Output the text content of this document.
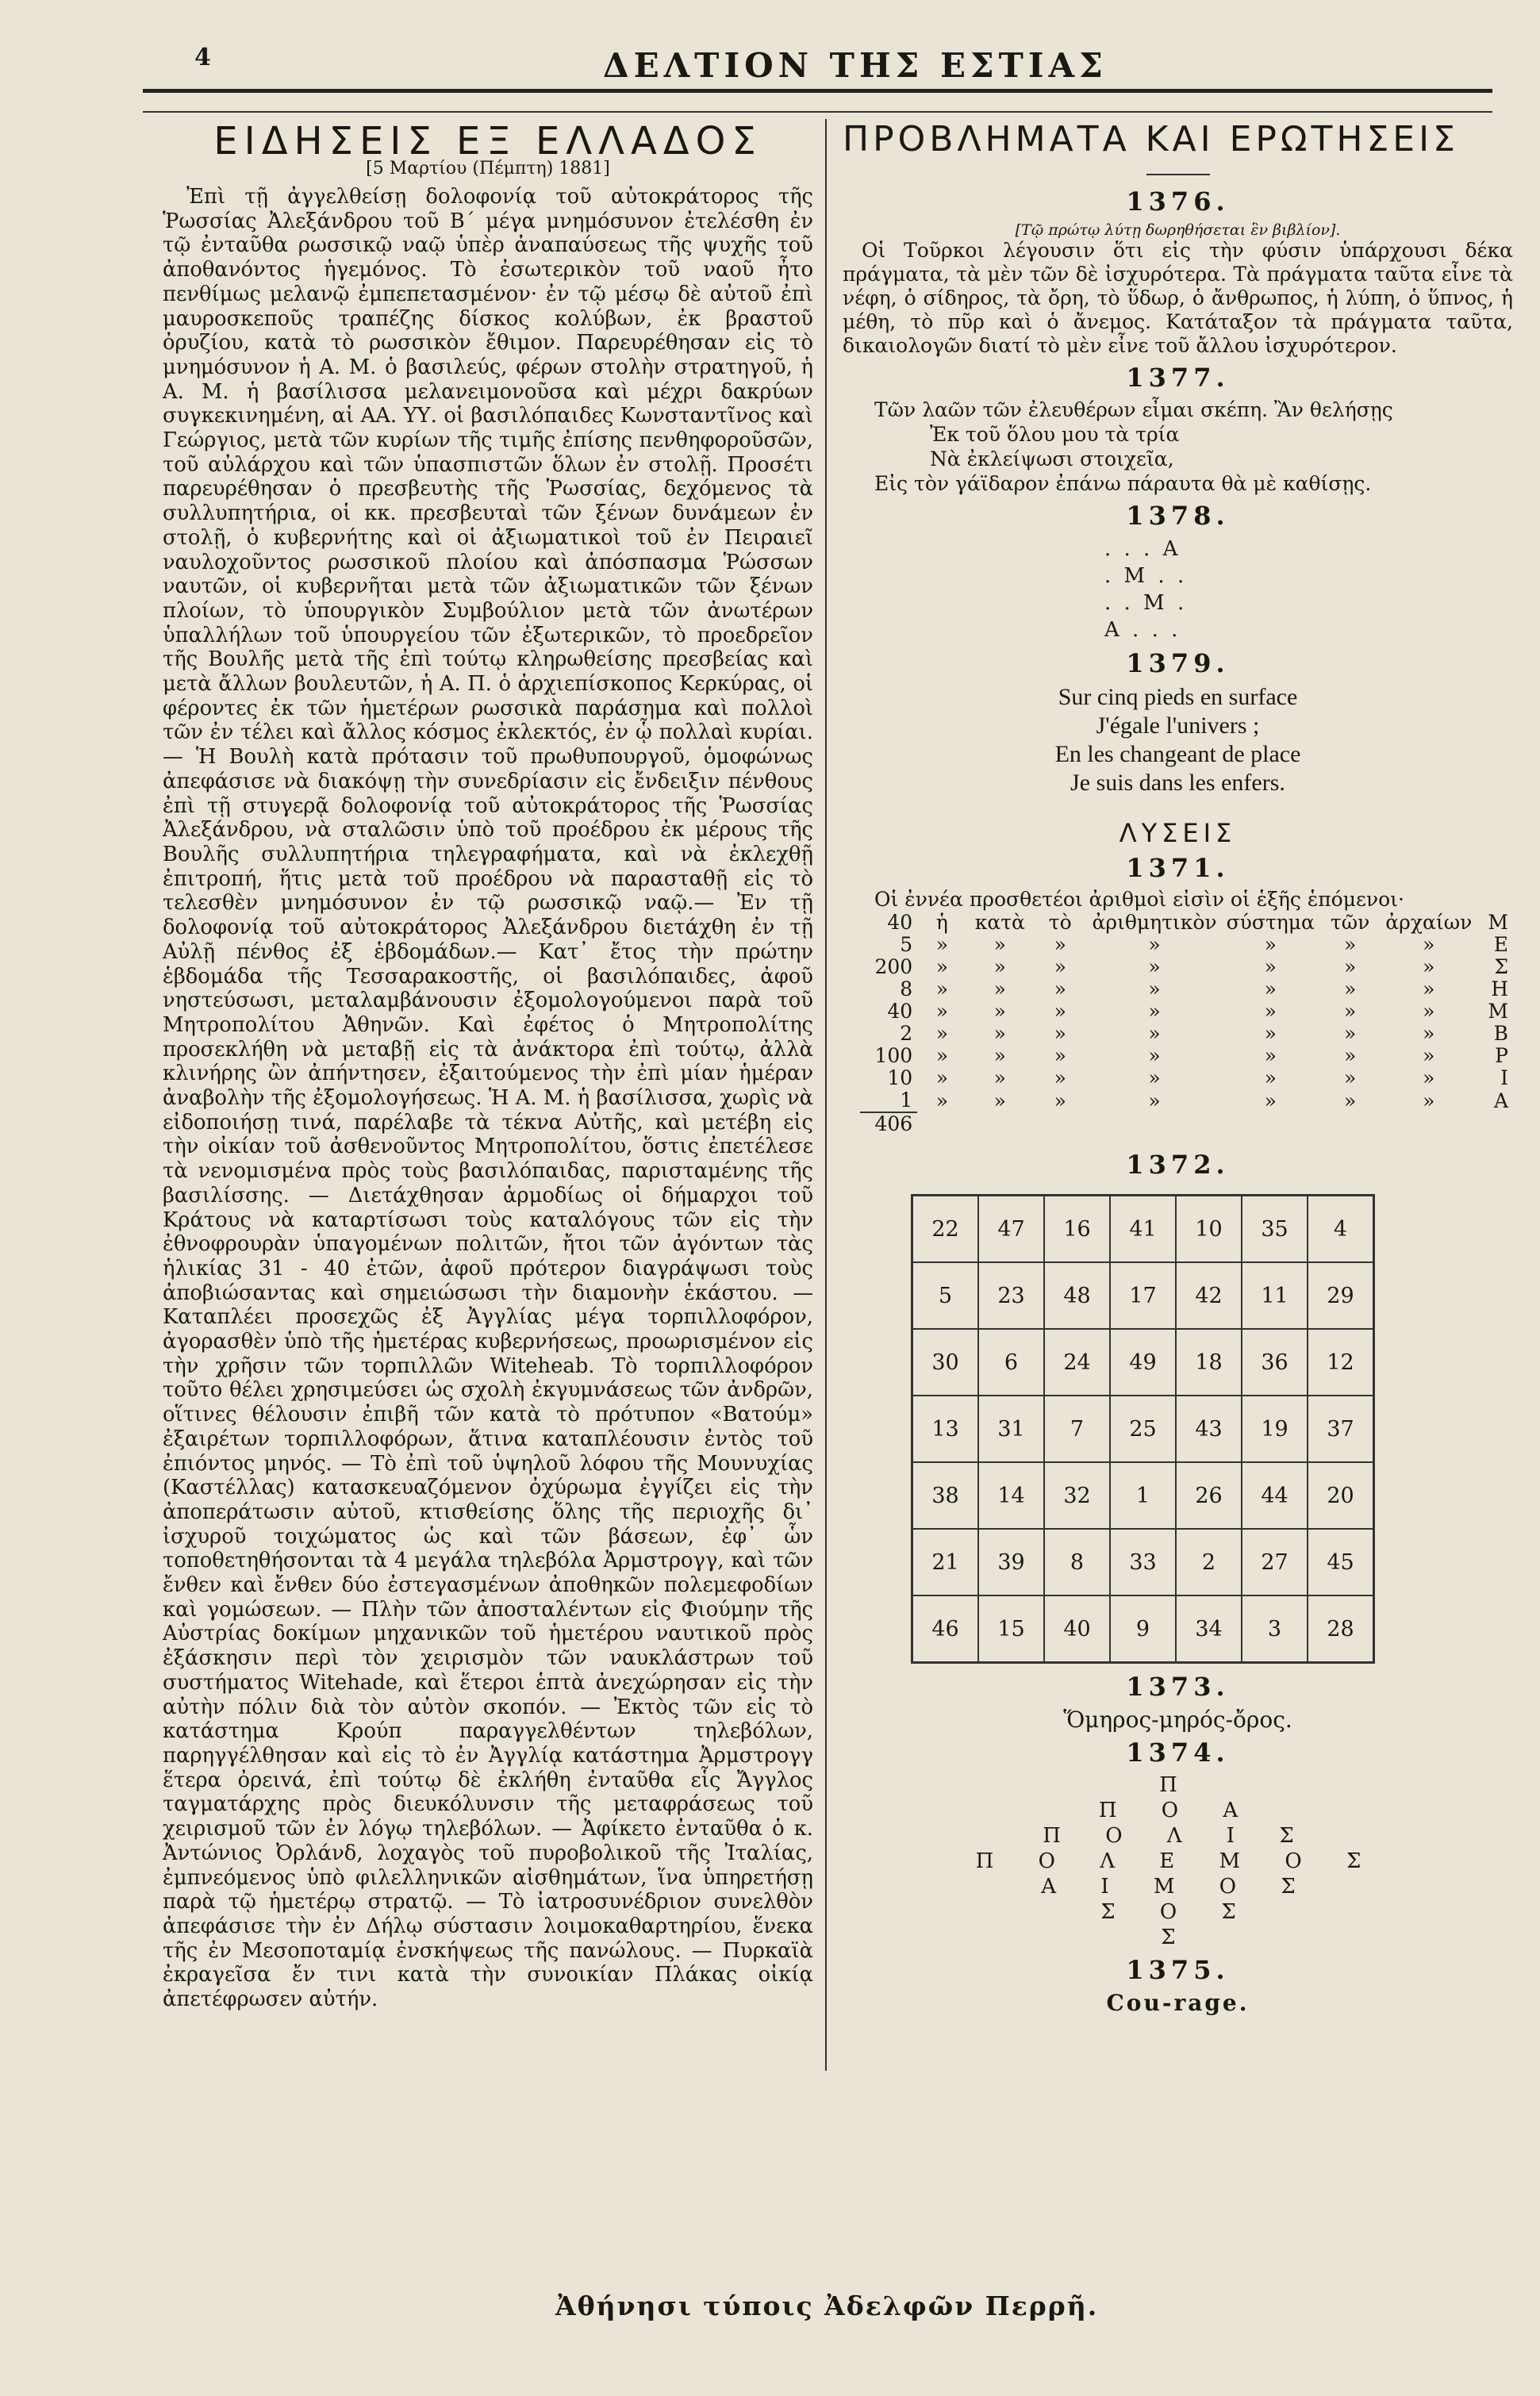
4	ΔΕΛΤΙΟΝ ΤΗΣ ΕΣΤΙΑΣ
ΕΙΔΗΣΕΙΣ ΕΞ ΕΛΛΑΔΟΣ
[5 Μαρτίου (Πέμπτη) 1881]
Ἐπὶ τῇ ἀγγελθείσῃ δολοφονίᾳ τοῦ αὐτοκράτορος τῆς Ῥωσσίας Ἀλεξάνδρου τοῦ Β΄ μέγα μνημόσυνον ἐτελέσθη ἐν τῷ ἐνταῦθα ρωσσικῷ ναῷ ὑπὲρ ἀναπαύσεως τῆς ψυχῆς τοῦ ἀποθανόντος ἡγεμόνος. Τὸ ἐσωτερικὸν τοῦ ναοῦ ἦτο πενθίμως μελανῷ ἐμπεπετασμένον· ἐν τῷ μέσῳ δὲ αὐτοῦ ἐπὶ μαυροσκεποῦς τραπέζης δίσκος κολύβων, ἐκ βραστοῦ ὀρυζίου, κατὰ τὸ ρωσσικὸν ἔθιμον. Παρευρέθησαν εἰς τὸ μνημόσυνον ἡ Α. Μ. ὁ βασιλεύς, φέρων στολὴν στρατηγοῦ, ἡ Α. Μ. ἡ βασίλισσα μελανειμονοῦσα καὶ μέχρι δακρύων συγκεκινημένη, αἱ ΑΑ. ΥΥ. οἱ βασιλόπαιδες Κωνσταντῖνος καὶ Γεώργιος, μετὰ τῶν κυρίων τῆς τιμῆς ἐπίσης πενθηφοροῦσῶν, τοῦ αὐλάρχου καὶ τῶν ὑπασπιστῶν ὅλων ἐν στολῇ. Προσέτι παρευρέθησαν ὁ πρεσβευτὴς τῆς Ῥωσσίας, δεχόμενος τὰ συλλυπητήρια, οἱ κκ. πρεσβευταὶ τῶν ξένων δυνάμεων ἐν στολῇ, ὁ κυβερνήτης καὶ οἱ ἀξιωματικοὶ τοῦ ἐν Πειραιεῖ ναυλοχοῦντος ρωσσικοῦ πλοίου καὶ ἀπόσπασμα Ῥώσσων ναυτῶν, οἱ κυβερνῆται μετὰ τῶν ἀξιωματικῶν τῶν ξένων πλοίων, τὸ ὑπουργικὸν Συμβούλιον μετὰ τῶν ἀνωτέρων ὑπαλλήλων τοῦ ὑπουργείου τῶν ἐξωτερικῶν, τὸ προεδρεῖον τῆς Βουλῆς μετὰ τῆς ἐπὶ τούτῳ κληρωθείσης πρεσβείας καὶ μετὰ ἄλλων βουλευτῶν, ἡ Α. Π. ὁ ἀρχιεπίσκοπος Κερκύρας, οἱ φέροντες ἐκ τῶν ἡμετέρων ρωσσικὰ παράσημα καὶ πολλοὶ τῶν ἐν τέλει καὶ ἄλλος κόσμος ἐκλεκτός, ἐν ᾧ πολλαὶ κυρίαι. — Ἡ Βουλὴ κατὰ πρότασιν τοῦ πρωθυπουργοῦ, ὁμοφώνως ἀπεφάσισε νὰ διακόψῃ τὴν συνεδρίασιν εἰς ἔνδειξιν πένθους ἐπὶ τῇ στυγερᾷ δολοφονίᾳ τοῦ αὐτοκράτορος τῆς Ῥωσσίας Ἀλεξάνδρου, νὰ σταλῶσιν ὑπὸ τοῦ προέδρου ἐκ μέρους τῆς Βουλῆς συλλυπητήρια τηλεγραφήματα, καὶ νὰ ἐκλεχθῇ ἐπιτροπή, ἥτις μετὰ τοῦ προέδρου νὰ παρασταθῇ εἰς τὸ τελεσθὲν μνημόσυνον ἐν τῷ ρωσσικῷ ναῷ.— Ἐν τῇ δολοφονίᾳ τοῦ αὐτοκράτορος Ἀλεξάνδρου διετάχθη ἐν τῇ Αὐλῇ πένθος ἐξ ἑβδομάδων.— Κατ᾿ ἔτος τὴν πρώτην ἑβδομάδα τῆς Τεσσαρακοστῆς, οἱ βασιλόπαιδες, ἀφοῦ νηστεύσωσι, μεταλαμβάνουσιν ἐξομολογούμενοι παρὰ τοῦ Μητροπολίτου Ἀθηνῶν. Καὶ ἐφέτος ὁ Μητροπολίτης προσεκλήθη νὰ μεταβῇ εἰς τὰ ἀνάκτορα ἐπὶ τούτῳ, ἀλλὰ κλινήρης ὢν ἀπήντησεν, ἐξαιτούμενος τὴν ἐπὶ μίαν ἡμέραν ἀναβολὴν τῆς ἐξομολογήσεως. Ἡ Α. Μ. ἡ βασίλισσα, χωρὶς νὰ εἰδοποιήσῃ τινά, παρέλαβε τὰ τέκνα Αὐτῆς, καὶ μετέβη εἰς τὴν οἰκίαν τοῦ ἀσθενοῦντος Μητροπολίτου, ὅστις ἐπετέλεσε τὰ νενομισμένα πρὸς τοὺς βασιλόπαιδας, παρισταμένης τῆς βασιλίσσης. — Διετάχθησαν ἁρμοδίως οἱ δήμαρχοι τοῦ Κράτους νὰ καταρτίσωσι τοὺς καταλόγους τῶν εἰς τὴν ἐθνοφρουρὰν ὑπαγομένων πολιτῶν, ἤτοι τῶν ἀγόντων τὰς ἡλικίας 31 - 40 ἐτῶν, ἀφοῦ πρότερον διαγράψωσι τοὺς ἀποβιώσαντας καὶ σημειώσωσι τὴν διαμονὴν ἑκάστου. — Καταπλέει προσεχῶς ἐξ Ἀγγλίας μέγα τορπιλλοφόρον, ἀγορασθὲν ὑπὸ τῆς ἡμετέρας κυβερνήσεως, προωρισμένον εἰς τὴν χρῆσιν τῶν τορπιλλῶν Witeheab. Τὸ τορπιλλοφόρον τοῦτο θέλει χρησιμεύσει ὡς σχολὴ ἐκγυμνάσεως τῶν ἀνδρῶν, οἵτινες θέλουσιν ἐπιβῆ τῶν κατὰ τὸ πρότυπον «Βατούμ» ἐξαιρέτων τορπιλλοφόρων, ἅτινα καταπλέουσιν ἐντὸς τοῦ ἐπιόντος μηνός. — Τὸ ἐπὶ τοῦ ὑψηλοῦ λόφου τῆς Μουνυχίας (Καστέλλας) κατασκευαζόμενον ὀχύρωμα ἐγγίζει εἰς τὴν ἀποπεράτωσιν αὐτοῦ, κτισθείσης ὅλης τῆς περιοχῆς δι᾿ ἰσχυροῦ τοιχώματος ὡς καὶ τῶν βάσεων, ἐφ᾿ ὧν τοποθετηθήσονται τὰ 4 μεγάλα τηλεβόλα Ἀρμστρογγ, καὶ τῶν ἔνθεν καὶ ἔνθεν δύο ἐστεγασμένων ἀποθηκῶν πολεμεφοδίων καὶ γομώσεων. — Πλὴν τῶν ἀποσταλέντων εἰς Φιούμην τῆς Αὐστρίας δοκίμων μηχανικῶν τοῦ ἡμετέρου ναυτικοῦ πρὸς ἐξάσκησιν περὶ τὸν χειρισμὸν τῶν ναυκλάστρων τοῦ συστήματος Witehade, καὶ ἕτεροι ἑπτὰ ἀνεχώρησαν εἰς τὴν αὐτὴν πόλιν διὰ τὸν αὐτὸν σκοπόν. — Ἐκτὸς τῶν εἰς τὸ κατάστημα Κρούπ παραγγελθέντων τηλεβόλων, παρηγγέλθησαν καὶ εἰς τὸ ἐν Ἀγγλίᾳ κατάστημα Ἀρμστρογγ ἕτερα ὀρειvά, ἐπὶ τούτῳ δὲ ἐκλήθη ἐνταῦθα εἷς Ἄγγλος ταγματάρχης πρὸς διευκόλυνσιν τῆς μεταφράσεως τοῦ χειρισμοῦ τῶν ἐν λόγῳ τηλεβόλων. — Ἀφίκετο ἐνταῦθα ὁ κ. Ἀντώνιος Ὀρλάνδ, λοχαγὸς τοῦ πυροβολικοῦ τῆς Ἰταλίας, ἐμπνεόμενος ὑπὸ φιλελληνικῶν αἰσθημάτων, ἵνα ὑπηρετήσῃ παρὰ τῷ ἡμετέρῳ στρατῷ. — Τὸ ἰατροσυνέδριον συνελθὸν ἀπεφάσισε τὴν ἐν Δήλῳ σύστασιν λοιμοκαθαρτηρίου, ἕνεκα τῆς ἐν Μεσοποταμίᾳ ἐνσκήψεως τῆς πανώλους. — Πυρκαϊὰ ἐκραγεῖσα ἔν τινι κατὰ τὴν συνοικίαν Πλάκας οἰκίᾳ ἀπετέφρωσεν αὐτήν.
ΠΡΟΒΛΗΜΑΤΑ ΚΑΙ ΕΡΩΤΗΣΕΙΣ
1376.
[Τῷ πρώτῳ λύτῃ δωρηθήσεται ἓν βιβλίον].
Οἱ Τοῦρκοι λέγουσιν ὅτι εἰς τὴν φύσιν ὑπάρχουσι δέκα πράγματα, τὰ μὲν τῶν δὲ ἰσχυρότερα. Τὰ πράγματα ταῦτα εἶνε τὰ νέφη, ὁ σίδηρος, τὰ ὄρη, τὸ ὕδωρ, ὁ ἄνθρωπος, ἡ λύπη, ὁ ὕπνος, ἡ μέθη, τὸ πῦρ καὶ ὁ ἄνεμος. Κατάταξον τὰ πράγματα ταῦτα, δικαιολογῶν διατί τὸ μὲν εἶνε τοῦ ἄλλου ἰσχυρότερον.
1377.
Τῶν λαῶν τῶν ἐλευθέρων εἶμαι σκέπη. Ἂν θελήσῃς
Ἐκ τοῦ ὅλου μου τὰ τρία
Νὰ ἐκλείψωσι στοιχεῖα,
Εἰς τὸν γάϊδαρον ἐπάνω πάραυτα θὰ μὲ καθίσῃς.
1378.
. . . Α
. Μ . .
. . Μ .
Α . . .
1379.
Sur cinq pieds en surface
J'égale l'univers ;
En les changeant de place
Je suis dans les enfers.
ΛΥΣΕΙΣ
1371.
Οἱ ἐννέα προσθετέοι ἀριθμοὶ εἰσὶν οἱ ἑξῆς ἑπόμενοι·
40	ἡ	κατὰ	τὸ	ἀριθμητικὸν	σύστημα	τῶν	ἀρχαίων	Μ
5	»	»	»	»	»	»	»	Ε
200	»	»	»	»	»	»	»	Σ
8	»	»	»	»	»	»	»	Η
40	»	»	»	»	»	»	»	Μ
2	»	»	»	»	»	»	»	Β
100	»	»	»	»	»	»	»	Ρ
10	»	»	»	»	»	»	»	Ι
1	»	»	»	»	»	»	»	Α
406								
1372.
22	47	16	41	10	35	4
5	23	48	17	42	11	29
30	6	24	49	18	36	12
13	31	7	25	43	19	37
38	14	32	1	26	44	20
21	39	8	33	2	27	45
46	15	40	9	34	3	28
1373.
Ὅμηρος-μηρός-ὄρος.
1374.
Π
Π Ο Α
Π Ο Λ Ι Σ
Π Ο Λ Ε Μ Ο Σ
Α Ι Μ Ο Σ
Σ Ο Σ
Σ
1375.
Cou-rage.
Ἀθήνησι τύποις Ἀδελφῶν Περρῆ.
